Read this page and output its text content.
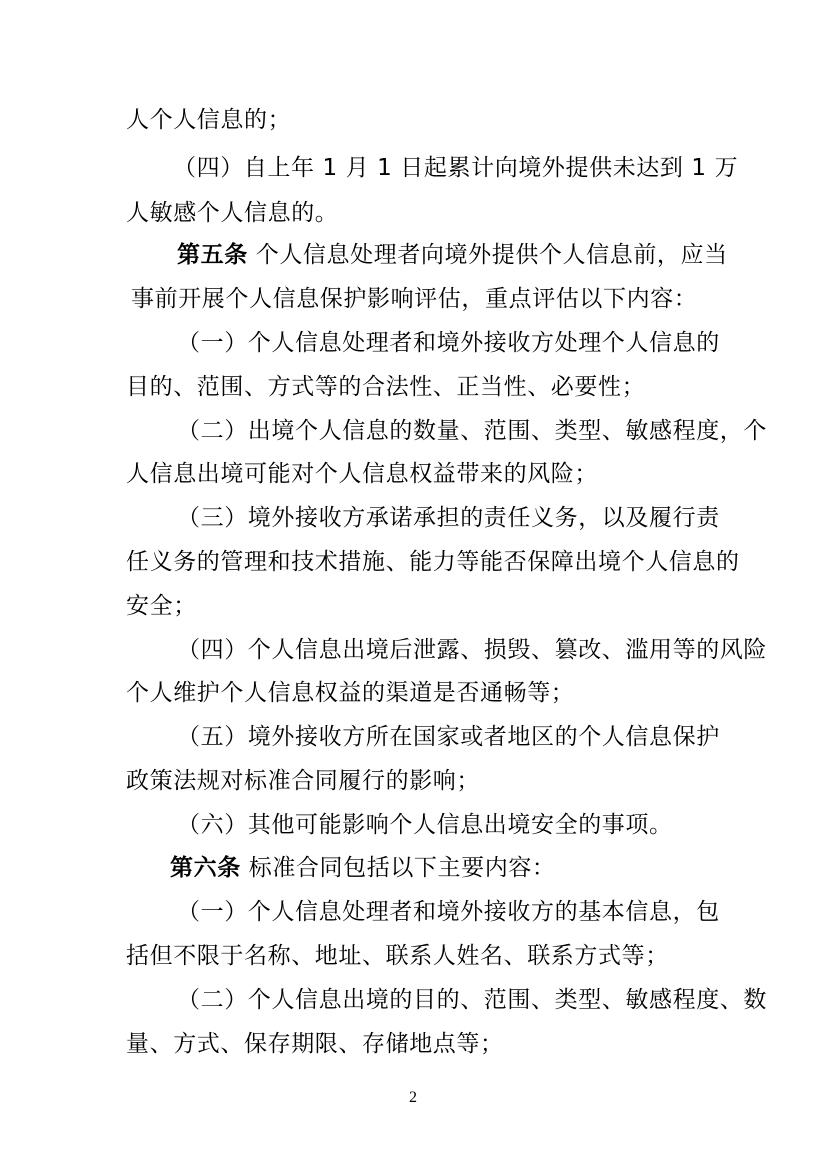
人个人信息的；
（四）自上年 1 月 1 日起累计向境外提供未达到 1 万
人敏感个人信息的。
第五条 个人信息处理者向境外提供个人信息前，应当
事前开展个人信息保护影响评估，重点评估以下内容：
（一）个人信息处理者和境外接收方处理个人信息的
目的、范围、方式等的合法性、正当性、必要性；
（二）出境个人信息的数量、范围、类型、敏感程度，个
人信息出境可能对个人信息权益带来的风险；
（三）境外接收方承诺承担的责任义务，以及履行责
任义务的管理和技术措施、能力等能否保障出境个人信息的
安全；
（四）个人信息出境后泄露、损毁、篡改、滥用等的风险
个人维护个人信息权益的渠道是否通畅等；
（五）境外接收方所在国家或者地区的个人信息保护
政策法规对标准合同履行的影响；
（六）其他可能影响个人信息出境安全的事项。
第六条 标准合同包括以下主要内容：
（一）个人信息处理者和境外接收方的基本信息，包
括但不限于名称、地址、联系人姓名、联系方式等；
（二）个人信息出境的目的、范围、类型、敏感程度、数
量、方式、保存期限、存储地点等；
2
